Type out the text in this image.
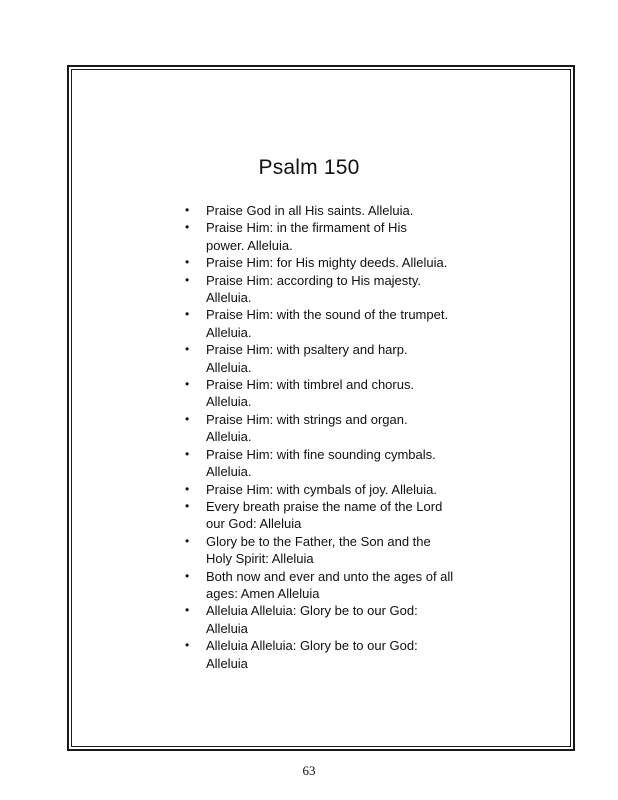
Psalm 150
• Praise God in all His saints. Alleluia.
• Praise Him: in the firmament of His
power. Alleluia.
• Praise Him: for His mighty deeds. Alleluia.
• Praise Him: according to His majesty.
Alleluia.
• Praise Him: with the sound of the trumpet.
Alleluia.
• Praise Him: with psaltery and harp.
Alleluia.
• Praise Him: with timbrel and chorus.
Alleluia.
• Praise Him: with strings and organ.
Alleluia.
• Praise Him: with fine sounding cymbals.
Alleluia.
• Praise Him: with cymbals of joy. Alleluia.
• Every breath praise the name of the Lord
our God: Alleluia
• Glory be to the Father, the Son and the
Holy Spirit: Alleluia
• Both now and ever and unto the ages of all
ages: Amen Alleluia
• Alleluia Alleluia: Glory be to our God:
Alleluia
• Alleluia Alleluia: Glory be to our God:
Alleluia
63
